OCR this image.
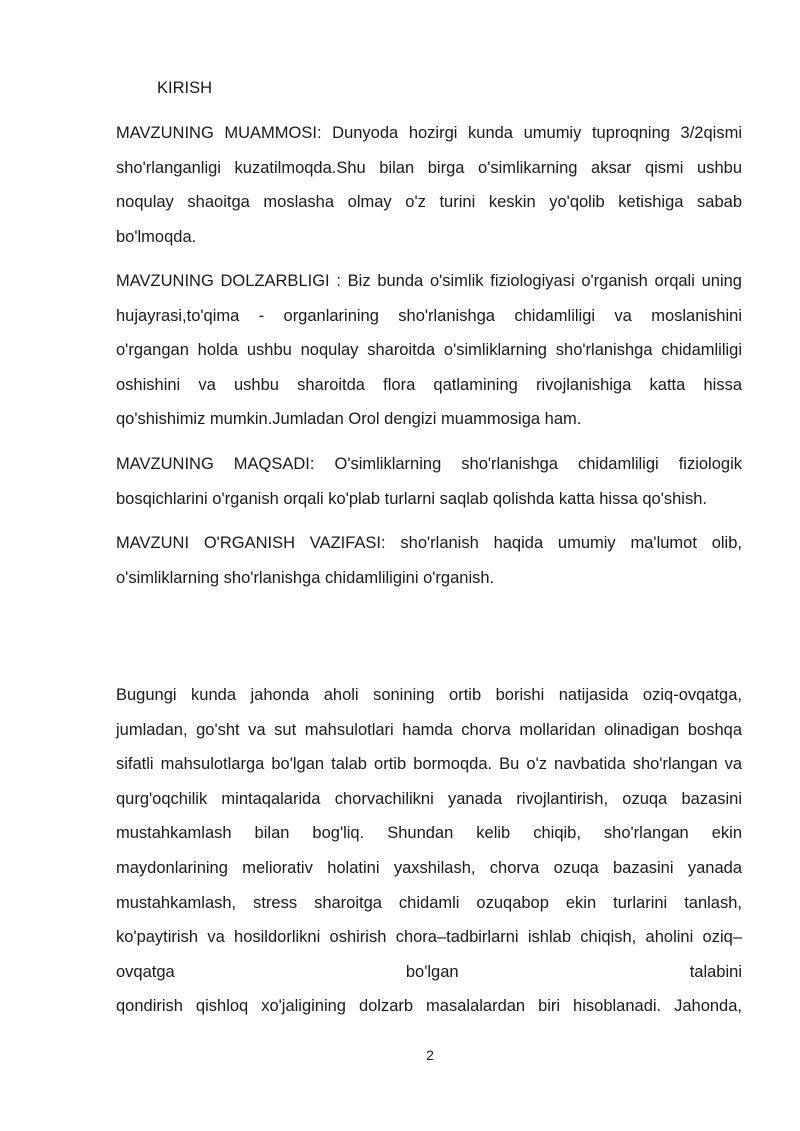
KIRISH
MAVZUNING MUAMMOSI: Dunyoda hozirgi kunda umumiy tuproqning 3/2qismi
sho'rlanganligi kuzatilmoqda.Shu bilan birga o'simlikarning aksar qismi ushbu
noqulay shaoitga moslasha olmay o'z turini keskin yo'qolib ketishiga sabab
bo'lmoqda.
MAVZUNING DOLZARBLIGI : Biz bunda o'simlik fiziologiyasi o'rganish orqali uning
hujayrasi,to'qima - organlarining sho'rlanishga chidamliligi va moslanishini
o'rgangan holda ushbu noqulay sharoitda o'simliklarning sho'rlanishga chidamliligi
oshishini va ushbu sharoitda flora qatlamining rivojlanishiga katta hissa
qo'shishimiz mumkin.Jumladan Orol dengizi muammosiga ham.
MAVZUNING MAQSADI: O'simliklarning sho'rlanishga chidamliligi fiziologik
bosqichlarini o'rganish orqali ko'plab turlarni saqlab qolishda katta hissa qo'shish.
MAVZUNI O'RGANISH VAZIFASI: sho'rlanish haqida umumiy ma'lumot olib,
o'simliklarning sho'rlanishga chidamliligini o'rganish.
Bugungi kunda jahonda aholi sonining ortib borishi natijasida oziq-ovqatga,
jumladan, go'sht va sut mahsulotlari hamda chorva mollaridan olinadigan boshqa
sifatli mahsulotlarga bo'lgan talab ortib bormoqda. Bu o'z navbatida sho'rlangan va
qurg'oqchilik mintaqalarida chorvachilikni yanada rivojlantirish, ozuqa bazasini
mustahkamlash bilan bog'liq. Shundan kelib chiqib, sho'rlangan ekin
maydonlarining meliorativ holatini yaxshilash, chorva ozuqa bazasini yanada
mustahkamlash, stress sharoitga chidamli ozuqabop ekin turlarini tanlash,
ko'paytirish va hosildorlikni oshirish chora–tadbirlarni ishlab chiqish, aholini oziq–
ovqatga bo'lgan talabini
qondirish qishloq xo'jaligining dolzarb masalalardan biri hisoblanadi. Jahonda,
2
